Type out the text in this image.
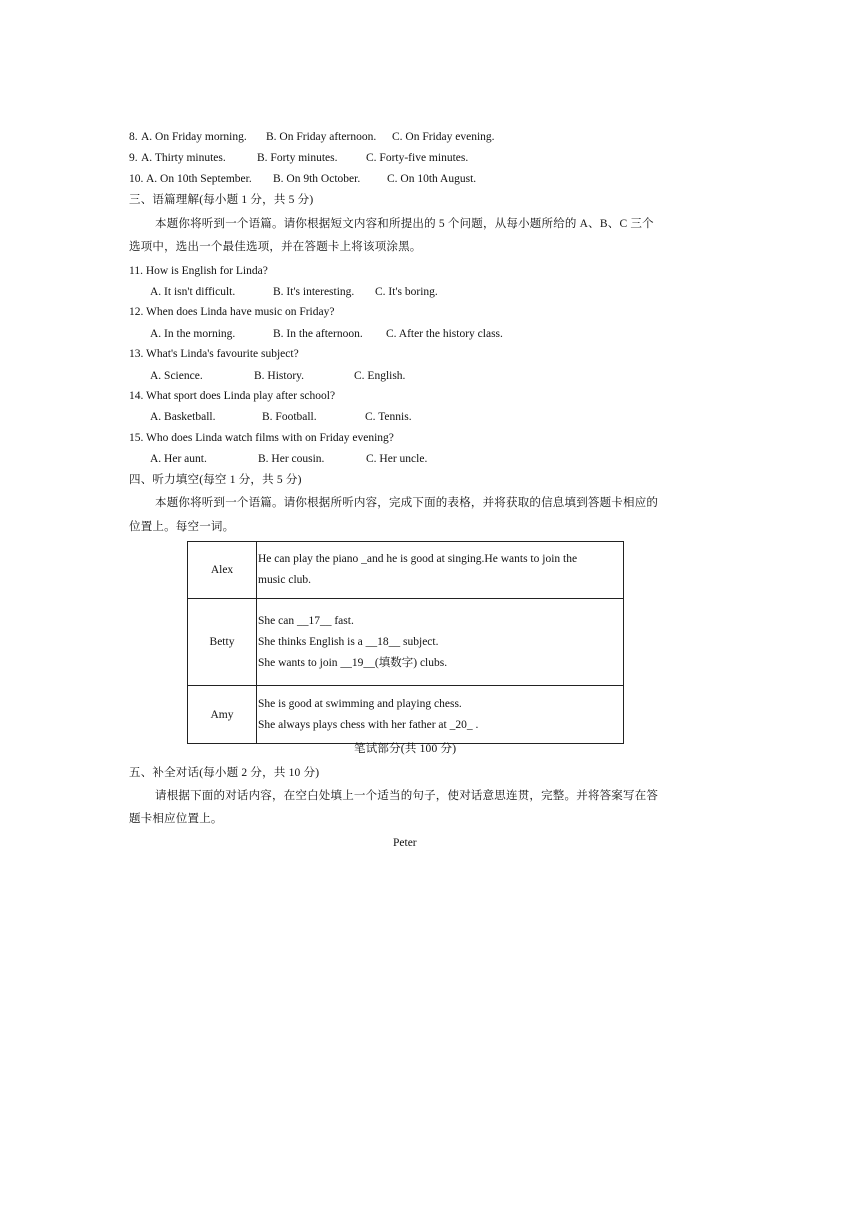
8. A. On Friday morning. B. On Friday afternoon. C. On Friday evening.
9. A. Thirty minutes.	B. Forty minutes. C. Forty-five minutes.
10. A. On 10th September. B. On 9th October. C. On 10th August.
三、语篇理解(每小题 1 分，共 5 分)
本题你将听到一个语篇。请你根据短文内容和所提出的 5 个问题，从每小题所给的 A、B、C 三个
选项中，选出一个最佳选项，并在答题卡上将该项涂黑。
11. How is English for Linda?
A. It isn't difficult.	B. It's interesting. C. It's boring.
12. When does Linda have music on Friday?
A. In the morning.	B. In the afternoon. C. After the history class.
13. What's Linda's favourite subject?
A. Science.	B. History.	C. English.
14. What sport does Linda play after school?
A. Basketball.	B. Football.	C. Tennis.
15. Who does Linda watch films with on Friday evening?
A. Her aunt.	B. Her cousin.	C. Her uncle.
四、听力填空(每空 1 分，共 5 分)
本题你将听到一个语篇。请你根据所听内容，完成下面的表格，并将获取的信息填到答题卡相应的
位置上。每空一词。
Alex	He can play the piano _and he is good at singing.He wants to join the
music club.

Betty	She can __17__ fast.
She thinks English is a __18__ subject.
She wants to join __19__(填数字) clubs.

Amy	She is good at swimming and playing chess.
She always plays chess with her father at _20_ .
笔试部分(共 100 分)
五、补全对话(每小题 2 分，共 10 分)
请根据下面的对话内容，在空白处填上一个适当的句子，使对话意思连贯，完整。并将答案写在答
题卡相应位置上。
Peter
